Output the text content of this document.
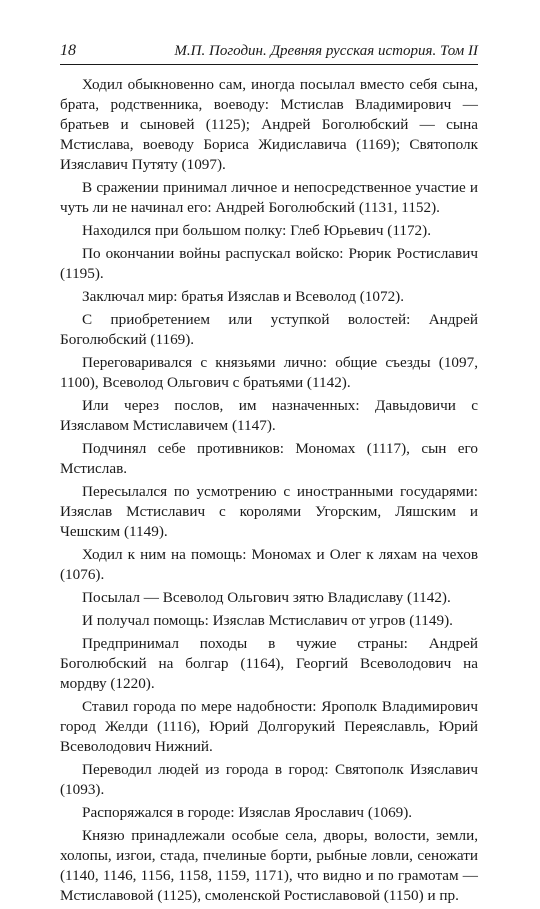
18	М.П. Погодин. Древняя русская история. Том II

Ходил обыкновенно сам, иногда посылал вместо себя сына, брата, родственника, воеводу: Мстислав Владимирович — братьев и сыновей (1125); Андрей Боголюбский — сына Мстислава, воеводу Бориса Жидиславича (1169); Святополк Изяславич Путяту (1097).

В сражении принимал личное и непосредственное участие и чуть ли не начинал его: Андрей Боголюбский (1131, 1152).

Находился при большом полку: Глеб Юрьевич (1172).

По окончании войны распускал войско: Рюрик Ростиславич (1195).

Заключал мир: братья Изяслав и Всеволод (1072).

С приобретением или уступкой волостей: Андрей Боголюбский (1169).

Переговаривался с князьями лично: общие съезды (1097, 1100), Всеволод Ольгович с братьями (1142).

Или через послов, им назначенных: Давыдовичи с Изяславом Мстиславичем (1147).

Подчинял себе противников: Мономах (1117), сын его Мстислав.

Пересылался по усмотрению с иностранными государями: Изяслав Мстиславич с королями Угорским, Ляшским и Чешским (1149).

Ходил к ним на помощь: Мономах и Олег к ляхам на чехов (1076).

Посылал — Всеволод Ольгович зятю Владиславу (1142).

И получал помощь: Изяслав Мстиславич от угров (1149).

Предпринимал походы в чужие страны: Андрей Боголюбский на болгар (1164), Георгий Всеволодович на мордву (1220).

Ставил города по мере надобности: Ярополк Владимирович город Желди (1116), Юрий Долгорукий Переяславль, Юрий Всеволодович Нижний.

Переводил людей из города в город: Святополк Изяславич (1093).

Распоряжался в городе: Изяслав Ярославич (1069).

Князю принадлежали особые села, дворы, волости, земли, холопы, изгои, стада, пчелиные борти, рыбные ловли, сеножати (1140, 1146, 1156, 1158, 1159, 1171), что видно и по грамотам — Мстиславовой (1125), смоленской Ростиславовой (1150) и пр.
